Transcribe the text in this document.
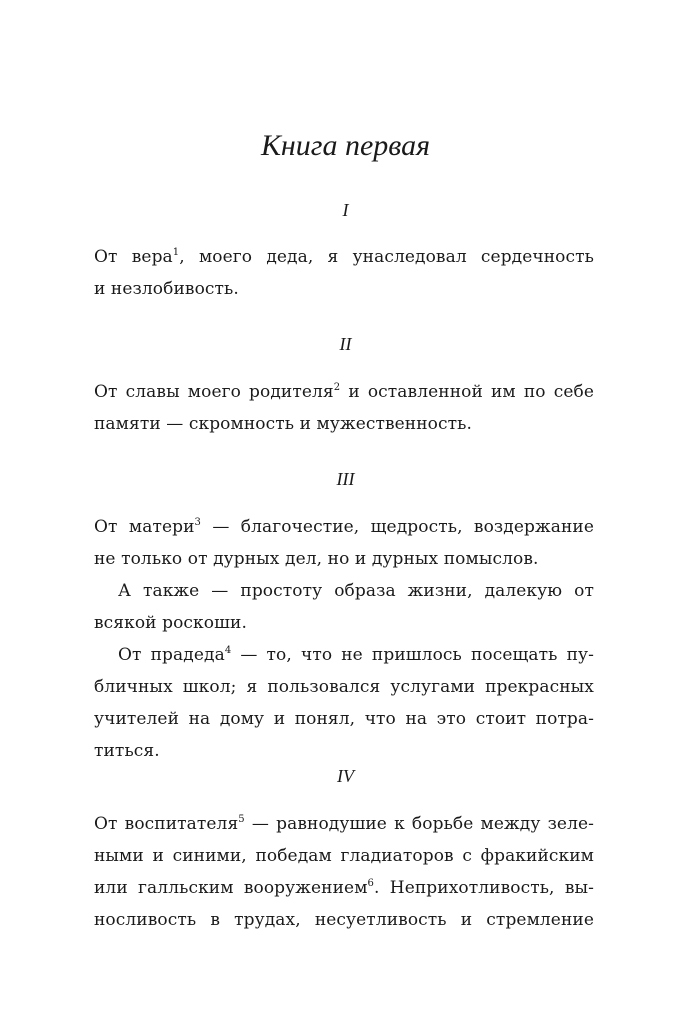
Книга первая
I
От вера$^1$, моего деда, я унаследовал сердечность
и незлобивость.
II
От славы моего родителя$^2$ и оставленной им по себе
памяти — скромность и мужественность.
III
От матери$^3$ — благочестие, щедрость, воздержание
не только от дурных дел, но и дурных помыслов.
А также — простоту образа жизни, далекую от
всякой роскоши.
От прадеда$^4$ — то, что не пришлось посещать пу-
бличных школ; я пользовался услугами прекрасных
учителей на дому и понял, что на это стоит потра-
титься.
IV
От воспитателя$^5$ — равнодушие к борьбе между зеле-
ными и синими, победам гладиаторов с фракийским
или галльским вооружением$^6$. Неприхотливость, вы-
носливость в трудах, несуетливость и стремление
